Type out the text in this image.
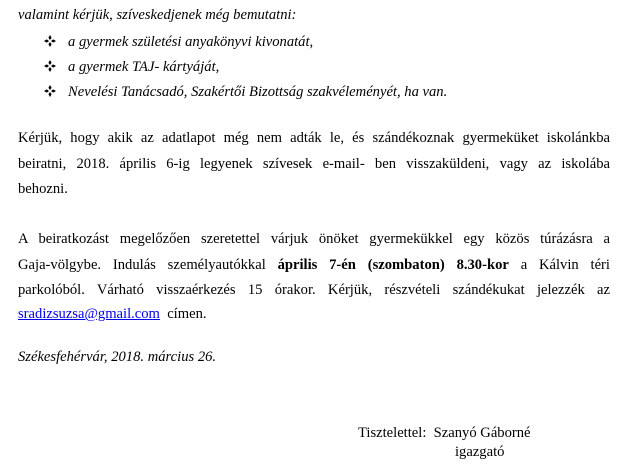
valamint kérjük, szíveskedjenek még bemutatni:
a gyermek születési anyakönyvi kivonatát,
a gyermek TAJ- kártyáját,
Nevelési Tanácsadó, Szakértői Bizottság szakvéleményét, ha van.
Kérjük, hogy akik az adatlapot még nem adták le, és szándékoznak gyermeküket iskolánkba
beiratni, 2018. április 6-ig legyenek szívesek e-mail- ben visszaküldeni, vagy az iskolába
behozni.
A beiratkozást megelőzően szeretettel várjuk önöket gyermekükkel egy közös túrázásra a
Gaja-völgybe. Indulás személyautókkal április 7-én (szombaton) 8.30-kor a Kálvin téri
parkolóból. Várható visszaérkezés 15 órakor. Kérjük, részvételi szándékukat jelezzék az
sradizsuzsa@gmail.com címen.
Székesfehérvár, 2018. március 26.
Tisztelettel: Szanyó Gáborné
igazgató
